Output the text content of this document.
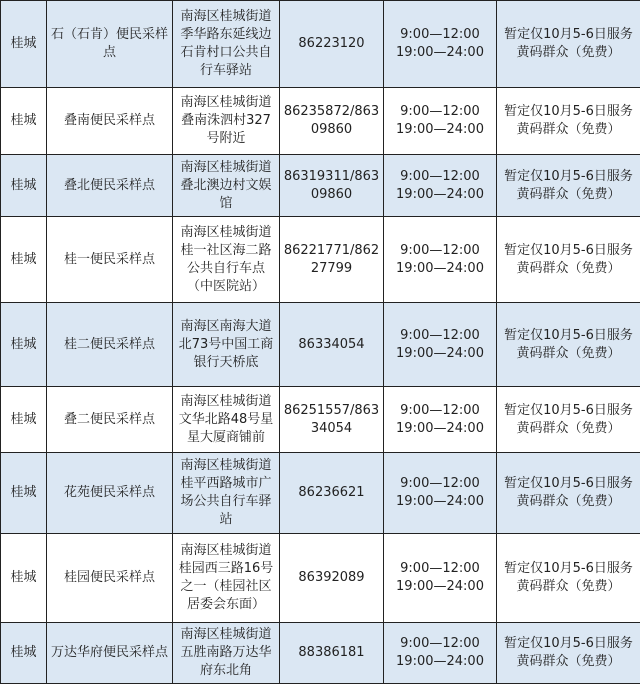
桂城	石（石肯）便民采样点	南海区桂城街道季华路东延线边石肯村口公共自行车驿站	86223120	9:00—12:00
19:00—24:00	暂定仅10月5-6日服务黄码群众（免费）
桂城	叠南便民采样点	南海区桂城街道叠南洙泗村327号附近	86235872/86309860	9:00—12:00
19:00—24:00	暂定仅10月5-6日服务黄码群众（免费）
桂城	叠北便民采样点	南海区桂城街道叠北澳边村文娱馆	86319311/86309860	9:00—12:00
19:00—24:00	暂定仅10月5-6日服务黄码群众（免费）
桂城	桂一便民采样点	南海区桂城街道桂一社区海二路公共自行车点（中医院站）	86221771/86227799	9:00—12:00
19:00—24:00	暂定仅10月5-6日服务黄码群众（免费）
桂城	桂二便民采样点	南海区南海大道北73号中国工商银行天桥底	86334054	9:00—12:00
19:00—24:00	暂定仅10月5-6日服务黄码群众（免费）
桂城	叠二便民采样点	南海区桂城街道文华北路48号星星大厦商铺前	86251557/86334054	9:00—12:00
19:00—24:00	暂定仅10月5-6日服务黄码群众（免费）
桂城	花苑便民采样点	南海区桂城街道桂平西路城市广场公共自行车驿站	86236621	9:00—12:00
19:00—24:00	暂定仅10月5-6日服务黄码群众（免费）
桂城	桂园便民采样点	南海区桂城街道桂园西三路16号之一（桂园社区居委会东面）	86392089	9:00—12:00
19:00—24:00	暂定仅10月5-6日服务黄码群众（免费）
桂城	万达华府便民采样点	南海区桂城街道五胜南路万达华府东北角	88386181	9:00—12:00
19:00—24:00	暂定仅10月5-6日服务黄码群众（免费）
